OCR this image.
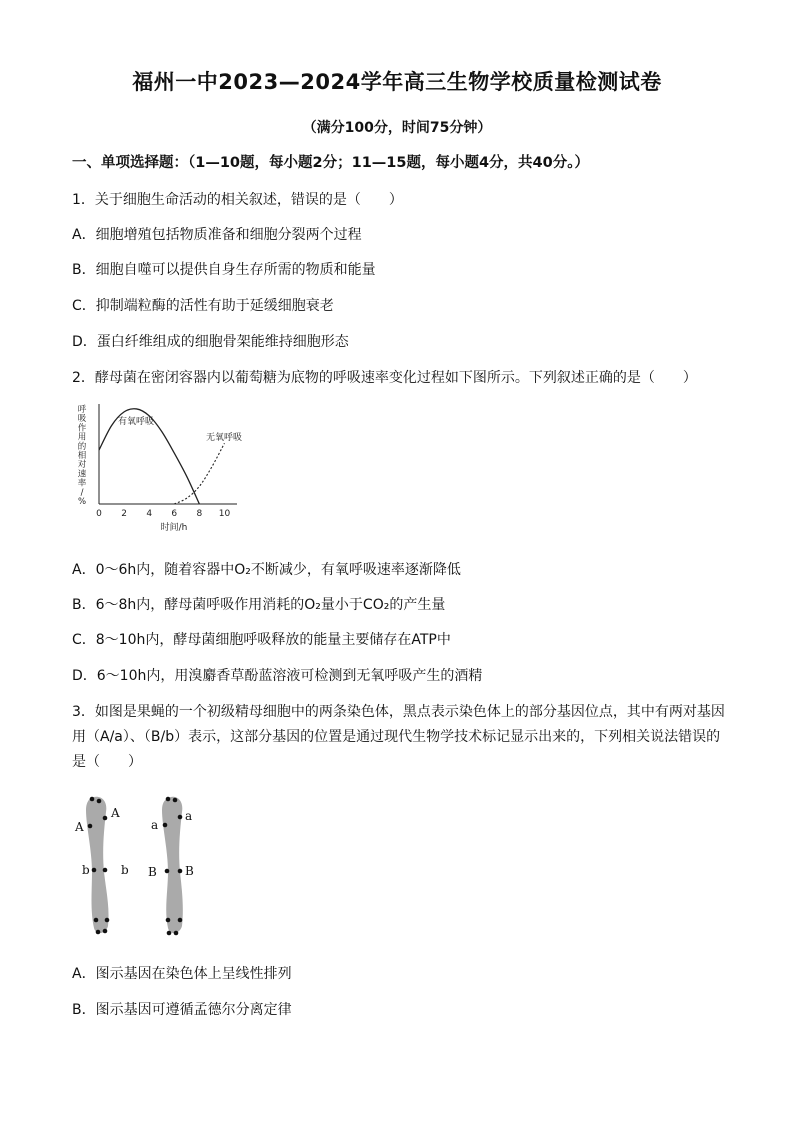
福州一中2023—2024学年高三生物学校质量检测试卷
（满分100分，时间75分钟）
一、单项选择题：（1—10题，每小题2分；11—15题，每小题4分，共40分。）
1．关于细胞生命活动的相关叙述，错误的是（　　）
A．细胞增殖包括物质准备和细胞分裂两个过程
B．细胞自噬可以提供自身生存所需的物质和能量
C．抑制端粒酶的活性有助于延缓细胞衰老
D．蛋白纤维组成的细胞骨架能维持细胞形态
2．酵母菌在密闭容器内以葡萄糖为底物的呼吸速率变化过程如下图所示。下列叙述正确的是（　　）
0 2 4 6 8 10
时间/h
有氧呼吸
无氧呼吸
呼
吸
作
用
的
相
对
速
率
/
%
A．0～6h内，随着容器中O₂不断减少，有氧呼吸速率逐渐降低
B．6～8h内，酵母菌呼吸作用消耗的O₂量小于CO₂的产生量
C．8～10h内，酵母菌细胞呼吸释放的能量主要储存在ATP中
D．6～10h内，用溴麝香草酚蓝溶液可检测到无氧呼吸产生的酒精
3．如图是果蝇的一个初级精母细胞中的两条染色体，黑点表示染色体上的部分基因位点，其中有两对基因
用（A/a）、（B/b）表示，这部分基因的位置是通过现代生物学技术标记显示出来的，下列相关说法错误的
是（　　）
A
A
b	b
a
a
B B
A．图示基因在染色体上呈线性排列
B．图示基因可遵循孟德尔分离定律
